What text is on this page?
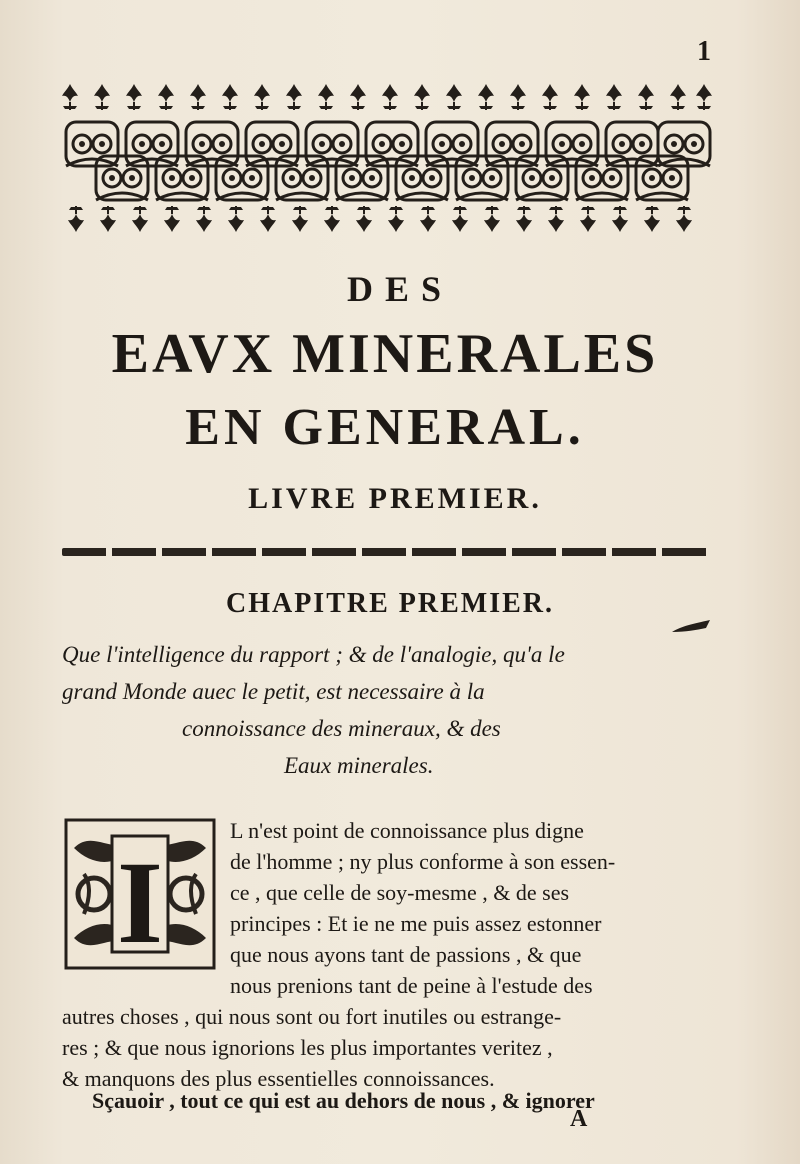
1
DES
EAVX MINERALES
EN GENERAL.
LIVRE PREMIER.
CHAPITRE PREMIER.
Que l'intelligence du rapport ; & de l'analogie, qu'a le
grand Monde auec le petit, est necessaire à la
connoissance des mineraux, & des
Eaux minerales.
I
L n'est point de connoissance plus digne
de l'homme ; ny plus conforme à son essen-
ce , que celle de soy-mesme , & de ses
principes : Et ie ne me puis assez estonner
que nous ayons tant de passions , & que
nous prenions tant de peine à l'estude des
autres choses , qui nous sont ou fort inutiles ou estrange-
res ; & que nous ignorions les plus importantes veritez ,
& manquons des plus essentielles connoissances.
Sçauoir , tout ce qui est au dehors de nous , & ignorer
A
